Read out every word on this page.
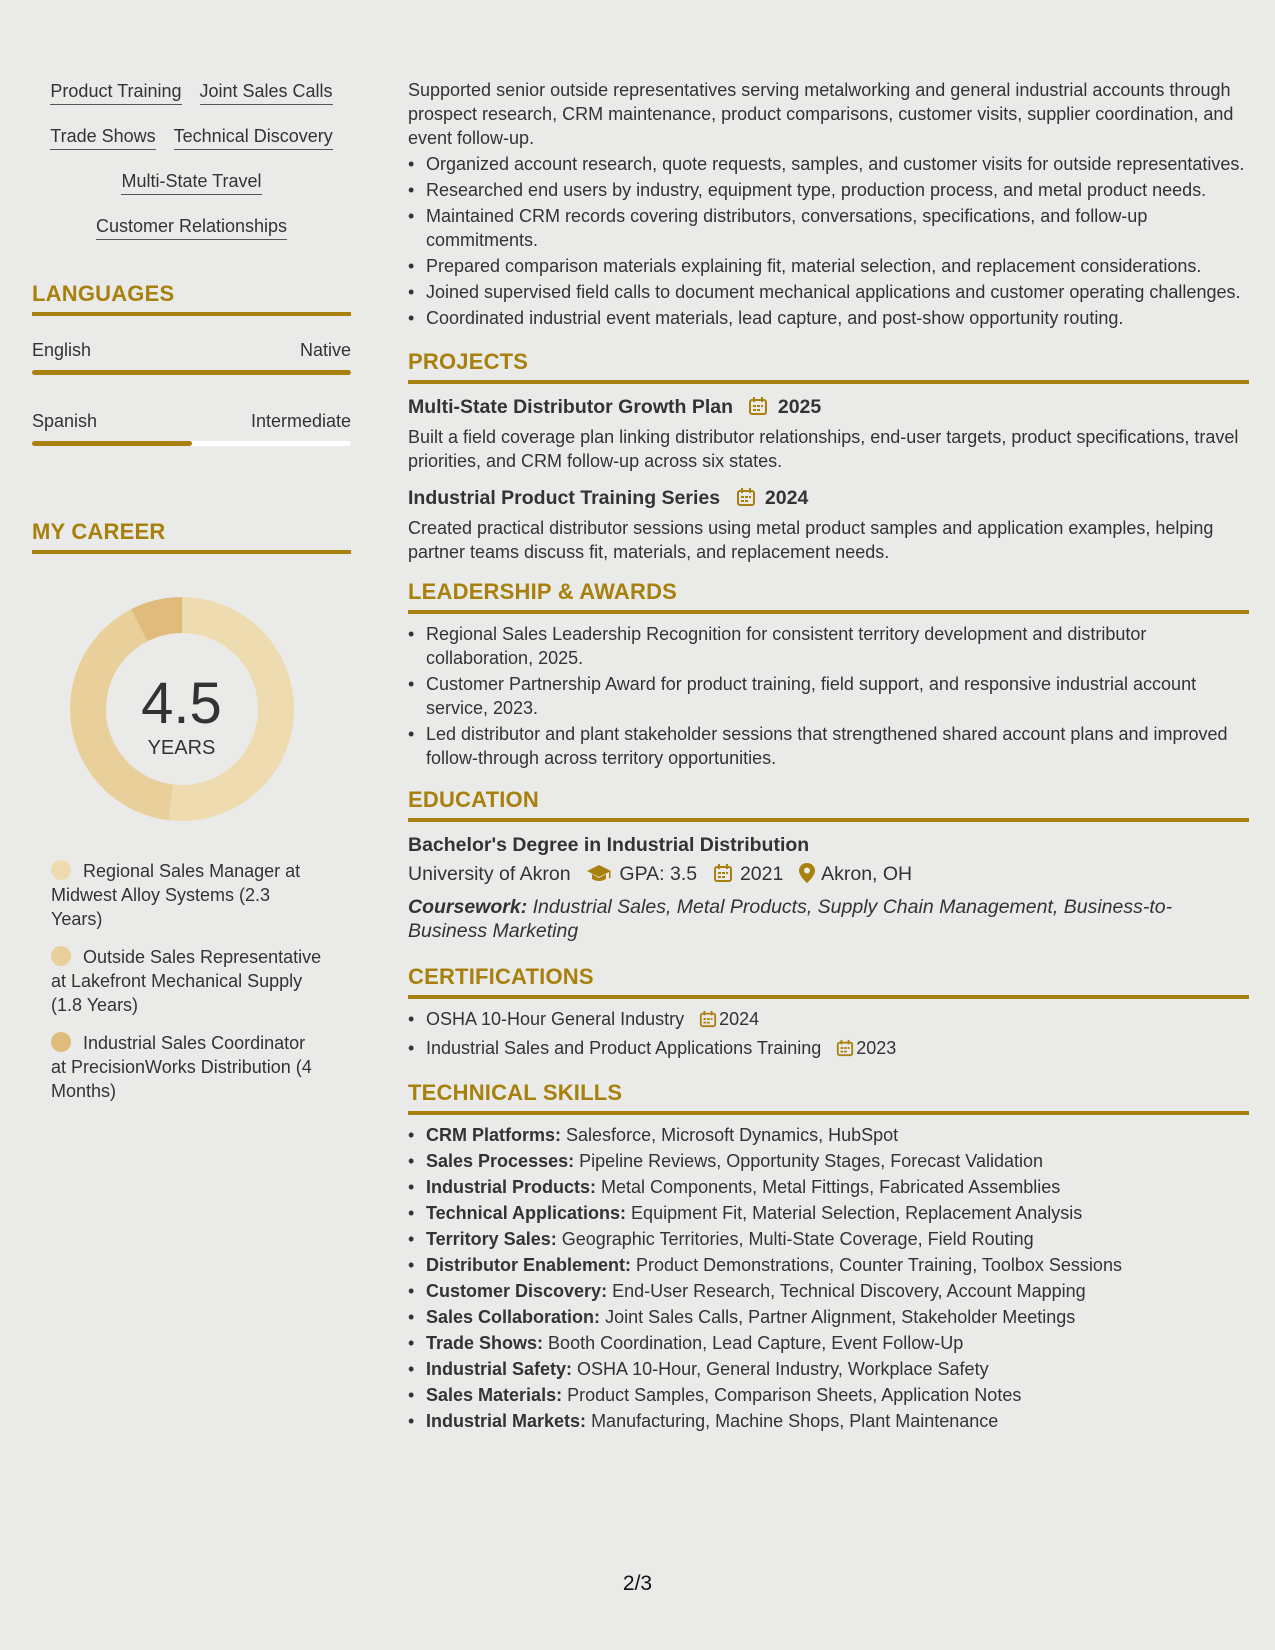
Product Training Joint Sales Calls
Trade Shows Technical Discovery
Multi-State Travel
Customer Relationships
LANGUAGES
English	Native
Spanish	Intermediate
MY CAREER
4.5
YEARS
Regional Sales Manager at Midwest Alloy Systems (2.3 Years)
Outside Sales Representative at Lakefront Mechanical Supply (1.8 Years)
Industrial Sales Coordinator at PrecisionWorks Distribution (4 Months)
Supported senior outside representatives serving metalworking and general industrial accounts through prospect research, CRM maintenance, product comparisons, customer visits, supplier coordination, and event follow-up.
• Organized account research, quote requests, samples, and customer visits for outside representatives.
• Researched end users by industry, equipment type, production process, and metal product needs.
• Maintained CRM records covering distributors, conversations, specifications, and follow-up commitments.
• Prepared comparison materials explaining fit, material selection, and replacement considerations.
• Joined supervised field calls to document mechanical applications and customer operating challenges.
• Coordinated industrial event materials, lead capture, and post-show opportunity routing.
PROJECTS
Multi-State Distributor Growth Plan 2025
Built a field coverage plan linking distributor relationships, end-user targets, product specifications, travel priorities, and CRM follow-up across six states.
Industrial Product Training Series 2024
Created practical distributor sessions using metal product samples and application examples, helping partner teams discuss fit, materials, and replacement needs.
LEADERSHIP & AWARDS
• Regional Sales Leadership Recognition for consistent territory development and distributor collaboration, 2025.
• Customer Partnership Award for product training, field support, and responsive industrial account service, 2023.
• Led distributor and plant stakeholder sessions that strengthened shared account plans and improved follow-through across territory opportunities.
EDUCATION
Bachelor's Degree in Industrial Distribution
University of Akron	GPA: 3.5 2021 Akron, OH
Coursework: Industrial Sales, Metal Products, Supply Chain Management, Business-to-Business Marketing
CERTIFICATIONS
• OSHA 10-Hour General Industry 2024
• Industrial Sales and Product Applications Training 2023
TECHNICAL SKILLS
• CRM Platforms: Salesforce, Microsoft Dynamics, HubSpot
• Sales Processes: Pipeline Reviews, Opportunity Stages, Forecast Validation
• Industrial Products: Metal Components, Metal Fittings, Fabricated Assemblies
• Technical Applications: Equipment Fit, Material Selection, Replacement Analysis
• Territory Sales: Geographic Territories, Multi-State Coverage, Field Routing
• Distributor Enablement: Product Demonstrations, Counter Training, Toolbox Sessions
• Customer Discovery: End-User Research, Technical Discovery, Account Mapping
• Sales Collaboration: Joint Sales Calls, Partner Alignment, Stakeholder Meetings
• Trade Shows: Booth Coordination, Lead Capture, Event Follow-Up
• Industrial Safety: OSHA 10-Hour, General Industry, Workplace Safety
• Sales Materials: Product Samples, Comparison Sheets, Application Notes
• Industrial Markets: Manufacturing, Machine Shops, Plant Maintenance
2/3
